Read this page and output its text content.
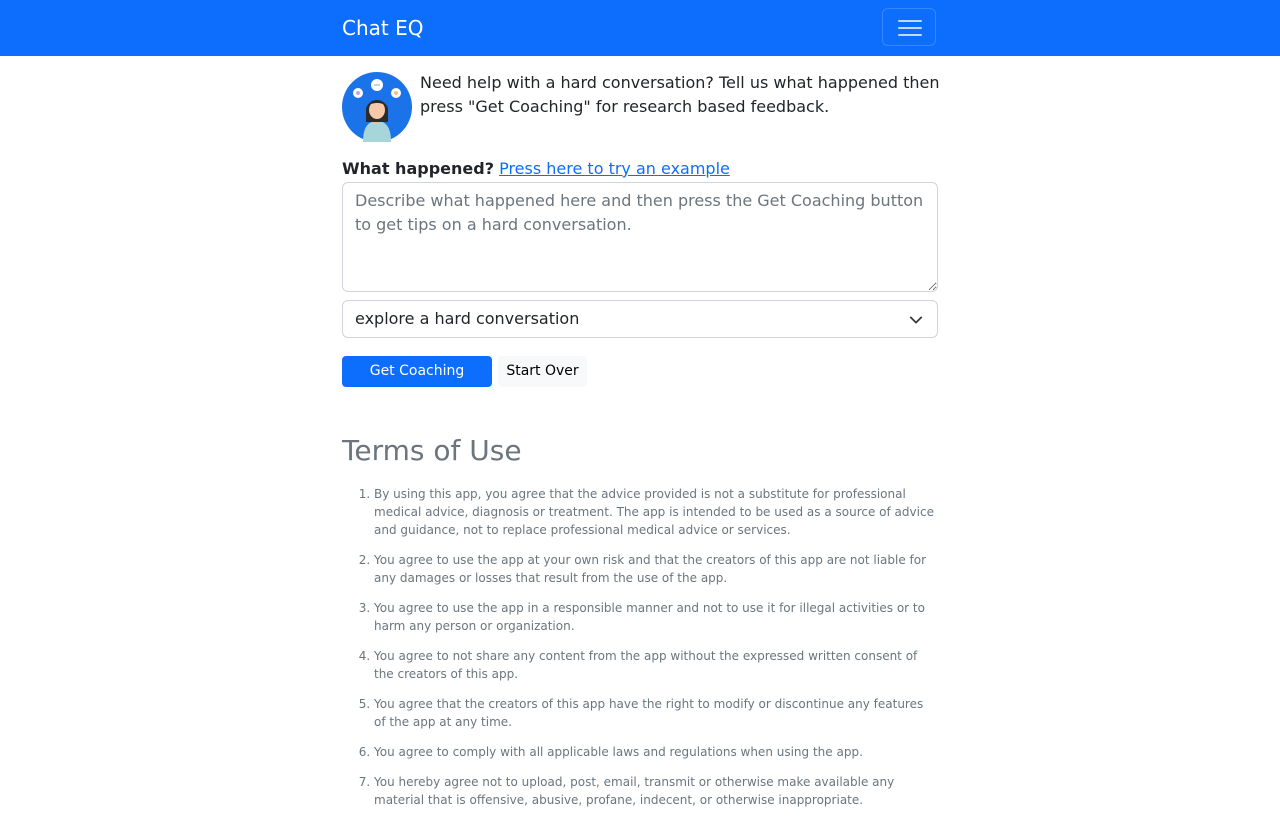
Chat EQ
Need help with a hard conversation? Tell us what happened then press "Get Coaching" for research based feedback.
What happened? Press here to try an example
Describe what happened here and then press the Get Coaching button to get tips on a hard conversation.
explore a hard conversation
Get Coaching	Start Over
Terms of Use
1. By using this app, you agree that the advice provided is not a substitute for professional medical advice, diagnosis or treatment. The app is intended to be used as a source of advice and guidance, not to replace professional medical advice or services.
2. You agree to use the app at your own risk and that the creators of this app are not liable for any damages or losses that result from the use of the app.
3. You agree to use the app in a responsible manner and not to use it for illegal activities or to harm any person or organization.
4. You agree to not share any content from the app without the expressed written consent of the creators of this app.
5. You agree that the creators of this app have the right to modify or discontinue any features of the app at any time.
6. You agree to comply with all applicable laws and regulations when using the app.
7. You hereby agree not to upload, post, email, transmit or otherwise make available any material that is offensive, abusive, profane, indecent, or otherwise inappropriate.
